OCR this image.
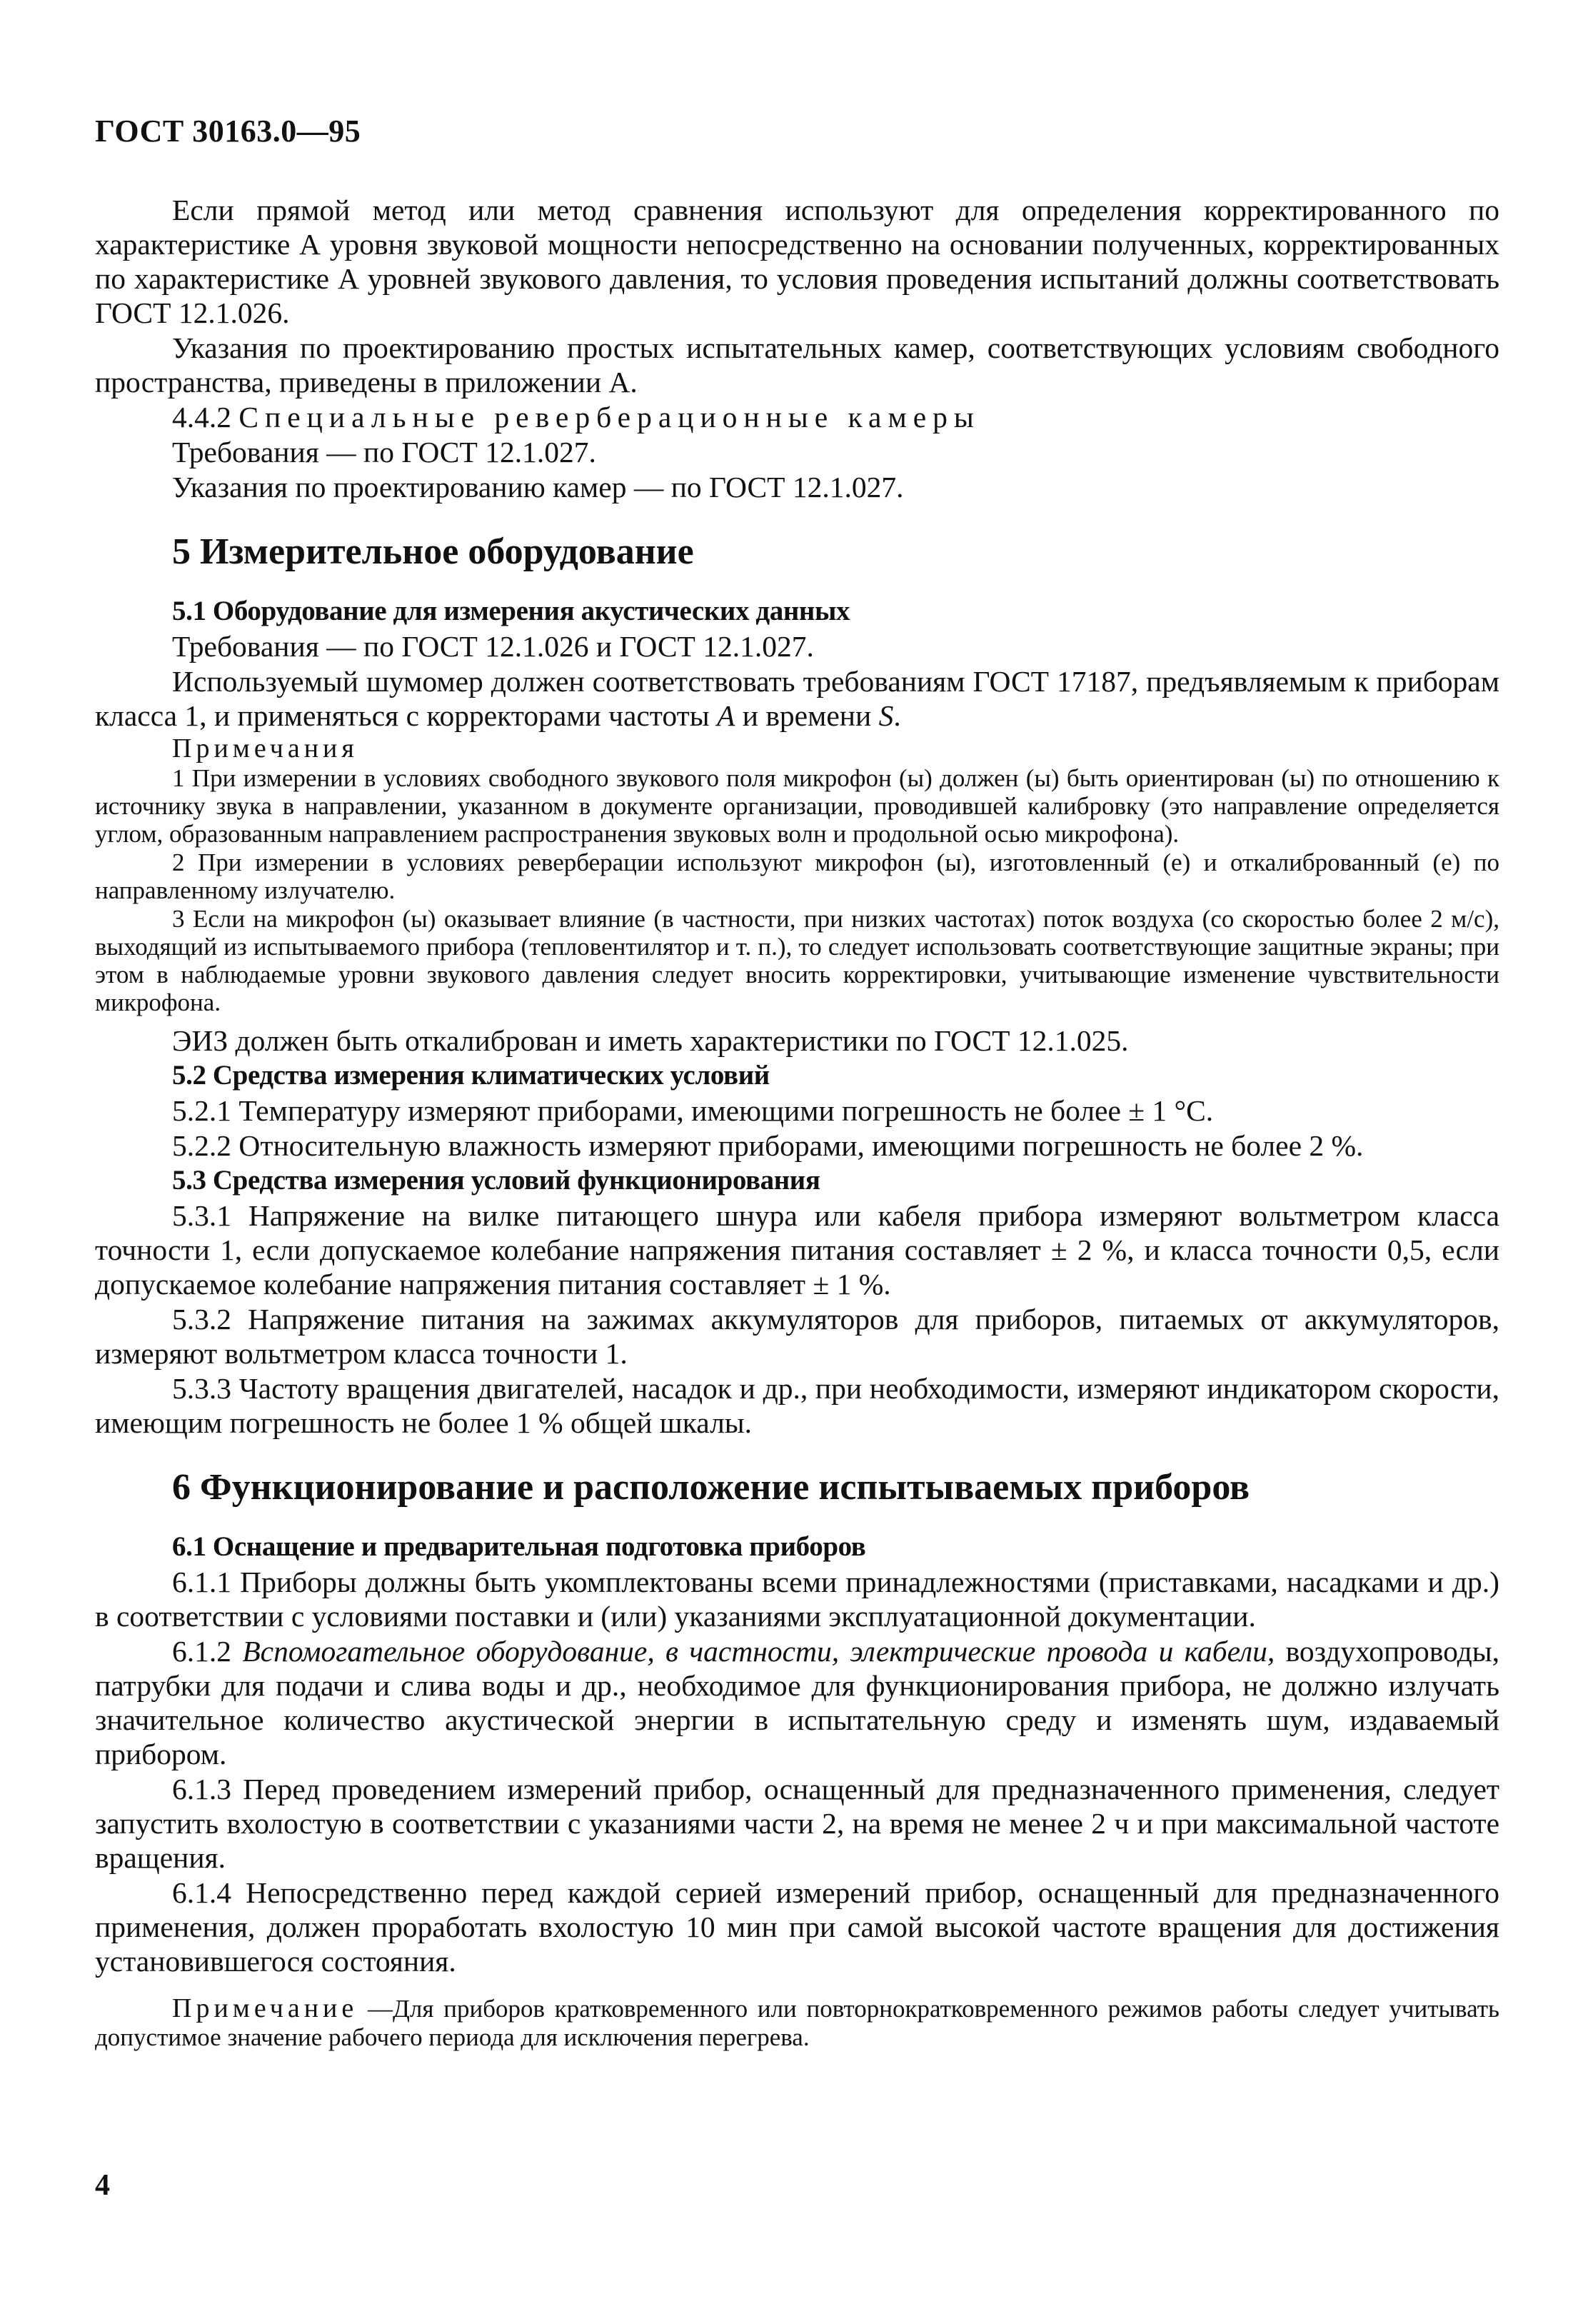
ГОСТ 30163.0—95

Если прямой метод или метод сравнения используют для определения корректированного по характеристике А уровня звуковой мощности непосредственно на основании полученных, корректированных по характеристике А уровней звукового давления, то условия проведения испытаний должны соответствовать ГОСТ 12.1.026.

Указания по проектированию простых испытательных камер, соответствующих условиям свободного пространства, приведены в приложении А.

4.4.2 Специальные реверберационные камеры

Требования — по ГОСТ 12.1.027.

Указания по проектированию камер — по ГОСТ 12.1.027.

5 Измерительное оборудование

5.1 Оборудование для измерения акустических данных

Требования — по ГОСТ 12.1.026 и ГОСТ 12.1.027.

Используемый шумомер должен соответствовать требованиям ГОСТ 17187, предъявляемым к приборам класса 1, и применяться с корректорами частоты A и времени S.

Примечания

1 При измерении в условиях свободного звукового поля микрофон (ы) должен (ы) быть ориентирован (ы) по отношению к источнику звука в направлении, указанном в документе организации, проводившей калибровку (это направление определяется углом, образованным направлением распространения звуковых волн и продольной осью микрофона).

2 При измерении в условиях реверберации используют микрофон (ы), изготовленный (е) и откалиброванный (е) по направленному излучателю.

3 Если на микрофон (ы) оказывает влияние (в частности, при низких частотах) поток воздуха (со скоростью более 2 м/с), выходящий из испытываемого прибора (тепловентилятор и т. п.), то следует использовать соответствующие защитные экраны; при этом в наблюдаемые уровни звукового давления следует вносить корректировки, учитывающие изменение чувствительности микрофона.

ЭИЗ должен быть откалиброван и иметь характеристики по ГОСТ 12.1.025.

5.2 Средства измерения климатических условий

5.2.1 Температуру измеряют приборами, имеющими погрешность не более ± 1 °С.

5.2.2 Относительную влажность измеряют приборами, имеющими погрешность не более 2 %.

5.3 Средства измерения условий функционирования

5.3.1 Напряжение на вилке питающего шнура или кабеля прибора измеряют вольтметром класса точности 1, если допускаемое колебание напряжения питания составляет ± 2 %, и класса точности 0,5, если допускаемое колебание напряжения питания составляет ± 1 %.

5.3.2 Напряжение питания на зажимах аккумуляторов для приборов, питаемых от аккумуляторов, измеряют вольтметром класса точности 1.

5.3.3 Частоту вращения двигателей, насадок и др., при необходимости, измеряют индикатором скорости, имеющим погрешность не более 1 % общей шкалы.

6 Функционирование и расположение испытываемых приборов

6.1 Оснащение и предварительная подготовка приборов

6.1.1 Приборы должны быть укомплектованы всеми принадлежностями (приставками, насадками и др.) в соответствии с условиями поставки и (или) указаниями эксплуатационной документации.

6.1.2 Вспомогательное оборудование, в частности, электрические провода и кабели, воздухопроводы, патрубки для подачи и слива воды и др., необходимое для функционирования прибора, не должно излучать значительное количество акустической энергии в испытательную среду и изменять шум, издаваемый прибором.

6.1.3 Перед проведением измерений прибор, оснащенный для предназначенного применения, следует запустить вхолостую в соответствии с указаниями части 2, на время не менее 2 ч и при максимальной частоте вращения.

6.1.4 Непосредственно перед каждой серией измерений прибор, оснащенный для предназначенного применения, должен проработать вхолостую 10 мин при самой высокой частоте вращения для достижения установившегося состояния.

Примечание —Для приборов кратковременного или повторнократковременного режимов работы следует учитывать допустимое значение рабочего периода для исключения перегрева.

4
